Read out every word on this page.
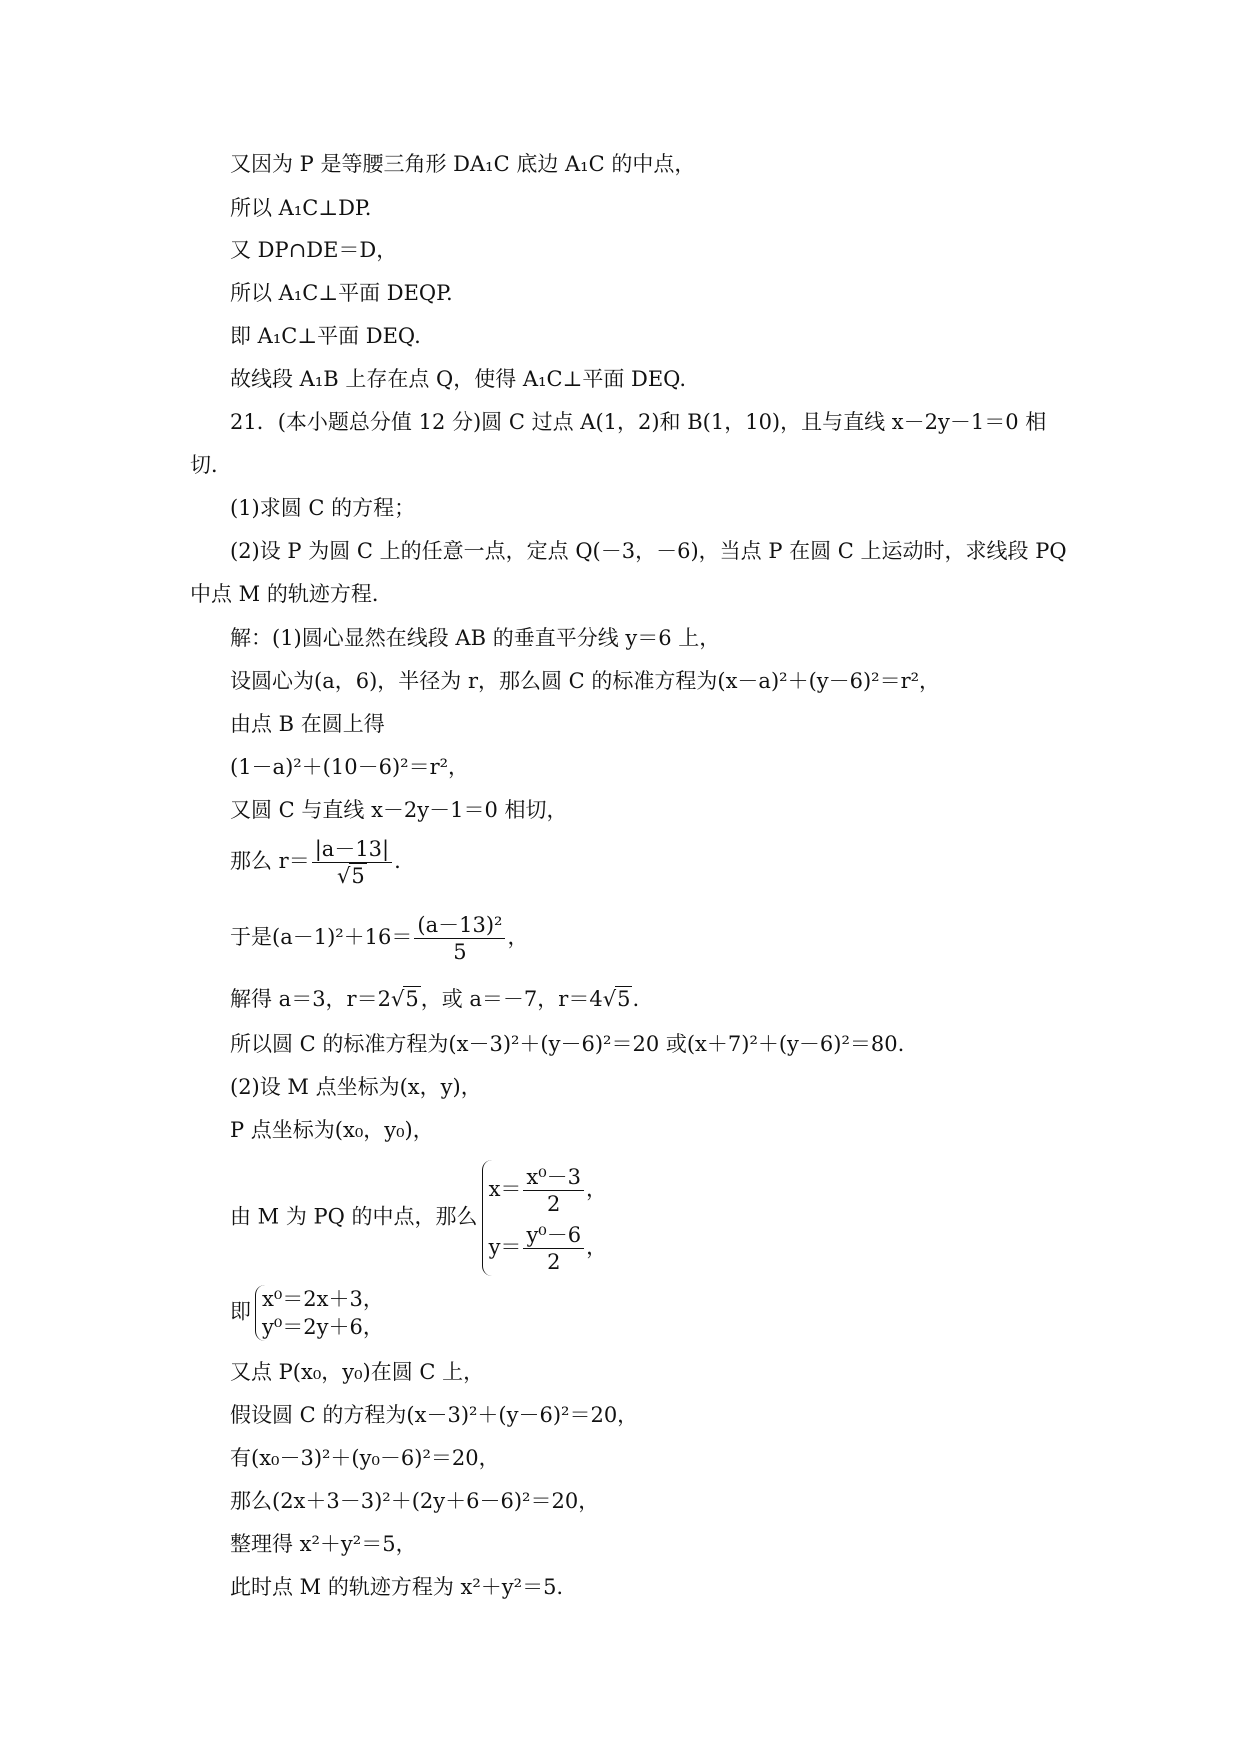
又因为 P 是等腰三角形 DA₁C 底边 A₁C 的中点，

所以 A₁C⊥DP.

又 DP∩DE＝D，

所以 A₁C⊥平面 DEQP.

即 A₁C⊥平面 DEQ.

故线段 A₁B 上存在点 Q，使得 A₁C⊥平面 DEQ.

21．(本小题总分值 12 分)圆 C 过点 A(1，2)和 B(1，10)，且与直线 x－2y－1＝0 相

切．

(1)求圆 C 的方程；

(2)设 P 为圆 C 上的任意一点，定点 Q(－3，－6)，当点 P 在圆 C 上运动时，求线段 PQ

中点 M 的轨迹方程．

解：(1)圆心显然在线段 AB 的垂直平分线 y＝6 上，

设圆心为(a，6)，半径为 r，那么圆 C 的标准方程为(x－a)²＋(y－6)²＝r²，

由点 B 在圆上得

(1－a)²＋(10－6)²＝r²，

又圆 C 与直线 x－2y－1＝0 相切，

那么 $r= \frac{|a-13|}{√5}$ .
于是$(a-1)^2+16= \frac{\text{(a－13)²}}{5}$ ，
解得 a＝3，r＝2√5，或 a＝－7，r＝4√5.

所以圆 C 的标准方程为(x－3)²＋(y－6)²＝20 或(x＋7)²＋(y－6)²＝80.

(2)设 M 点坐标为(x，y)，

P 点坐标为(x₀，y₀)，

由 M 为 PQ 的中点，那么
$x= \frac{\text{x⁰－3}}{2}$ ，
$y= \frac{\text{y⁰－6}}{2}$ ，
即
x⁰＝2x＋3，
y⁰＝2y＋6，

又点 P(x₀，y₀)在圆 C 上，

假设圆 C 的方程为(x－3)²＋(y－6)²＝20，

有(x₀－3)²＋(y₀－6)²＝20，

那么(2x＋3－3)²＋(2y＋6－6)²＝20，

整理得 x²＋y²＝5，

此时点 M 的轨迹方程为 x²＋y²＝5.
